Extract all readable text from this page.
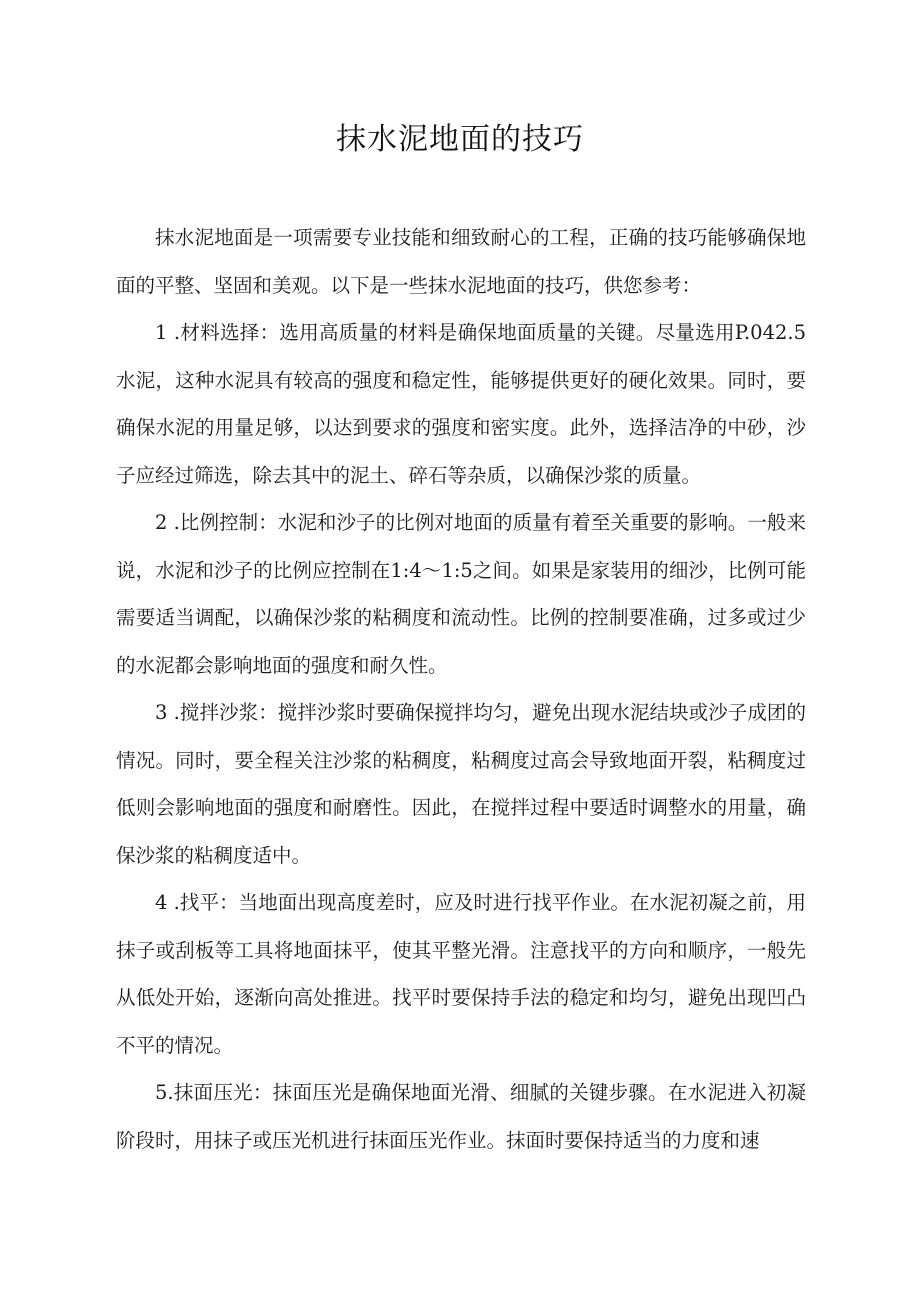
抹水泥地面的技巧

抹水泥地面是一项需要专业技能和细致耐心的工程，正确的技巧能够确保地面的平整、坚固和美观。以下是一些抹水泥地面的技巧，供您参考：

1 .材料选择：选用高质量的材料是确保地面质量的关键。尽量选用P.042.5水泥，这种水泥具有较高的强度和稳定性，能够提供更好的硬化效果。同时，要确保水泥的用量足够，以达到要求的强度和密实度。此外，选择洁净的中砂，沙子应经过筛选，除去其中的泥土、碎石等杂质，以确保沙浆的质量。

2 .比例控制：水泥和沙子的比例对地面的质量有着至关重要的影响。一般来说，水泥和沙子的比例应控制在1:4～1:5之间。如果是家装用的细沙，比例可能需要适当调配，以确保沙浆的粘稠度和流动性。比例的控制要准确，过多或过少的水泥都会影响地面的强度和耐久性。

3 .搅拌沙浆：搅拌沙浆时要确保搅拌均匀，避免出现水泥结块或沙子成团的情况。同时，要全程关注沙浆的粘稠度，粘稠度过高会导致地面开裂，粘稠度过低则会影响地面的强度和耐磨性。因此，在搅拌过程中要适时调整水的用量，确保沙浆的粘稠度适中。

4 .找平：当地面出现高度差时，应及时进行找平作业。在水泥初凝之前，用抹子或刮板等工具将地面抹平，使其平整光滑。注意找平的方向和顺序，一般先从低处开始，逐渐向高处推进。找平时要保持手法的稳定和均匀，避免出现凹凸不平的情况。

5.抹面压光：抹面压光是确保地面光滑、细腻的关键步骤。在水泥进入初凝阶段时，用抹子或压光机进行抹面压光作业。抹面时要保持适当的力度和速
